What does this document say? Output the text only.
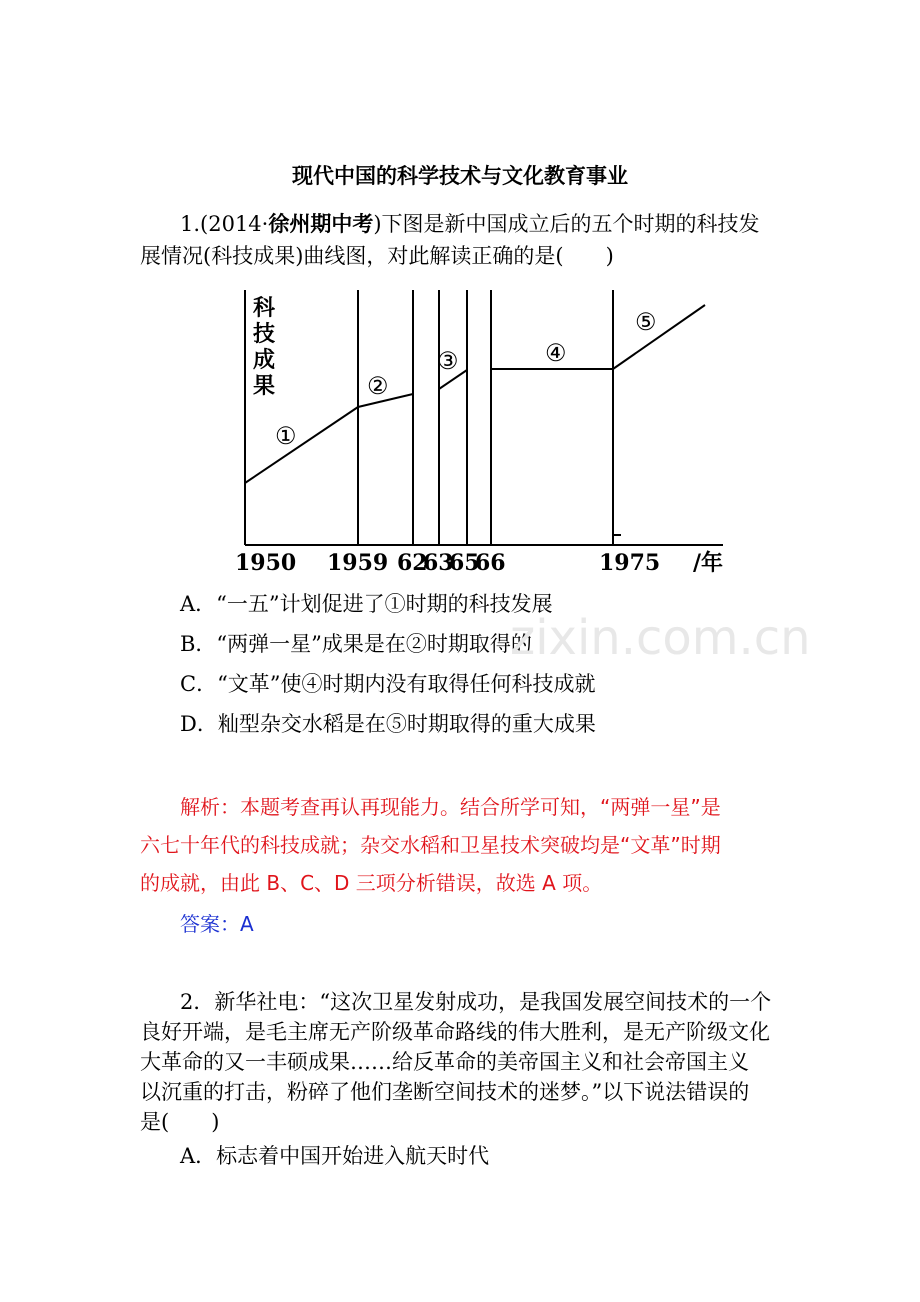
现代中国的科学技术与文化教育事业
1.(2014·徐州期中考)下图是新中国成立后的五个时期的科技发
展情况(科技成果)曲线图，对此解读正确的是(　　)
科技成果
①
②
③	④
⑤
1950 1959 62
63
65
66	1975 /年
A．“一五”计划促进了①时期的科技发展
B．“两弹一星”成果是在②时期取得的
C．“文革”使④时期内没有取得任何科技成就
D．籼型杂交水稻是在⑤时期取得的重大成果
zixin.com.cn
解析：本题考查再认再现能力。结合所学可知，“两弹一星”是
六七十年代的科技成就；杂交水稻和卫星技术突破均是“文革”时期
的成就，由此 B、C、D 三项分析错误，故选 A 项。
答案：A
2．新华社电：“这次卫星发射成功，是我国发展空间技术的一个
良好开端，是毛主席无产阶级革命路线的伟大胜利，是无产阶级文化
大革命的又一丰硕成果……给反革命的美帝国主义和社会帝国主义
以沉重的打击，粉碎了他们垄断空间技术的迷梦。”以下说法错误的
是(　　)
A．标志着中国开始进入航天时代
